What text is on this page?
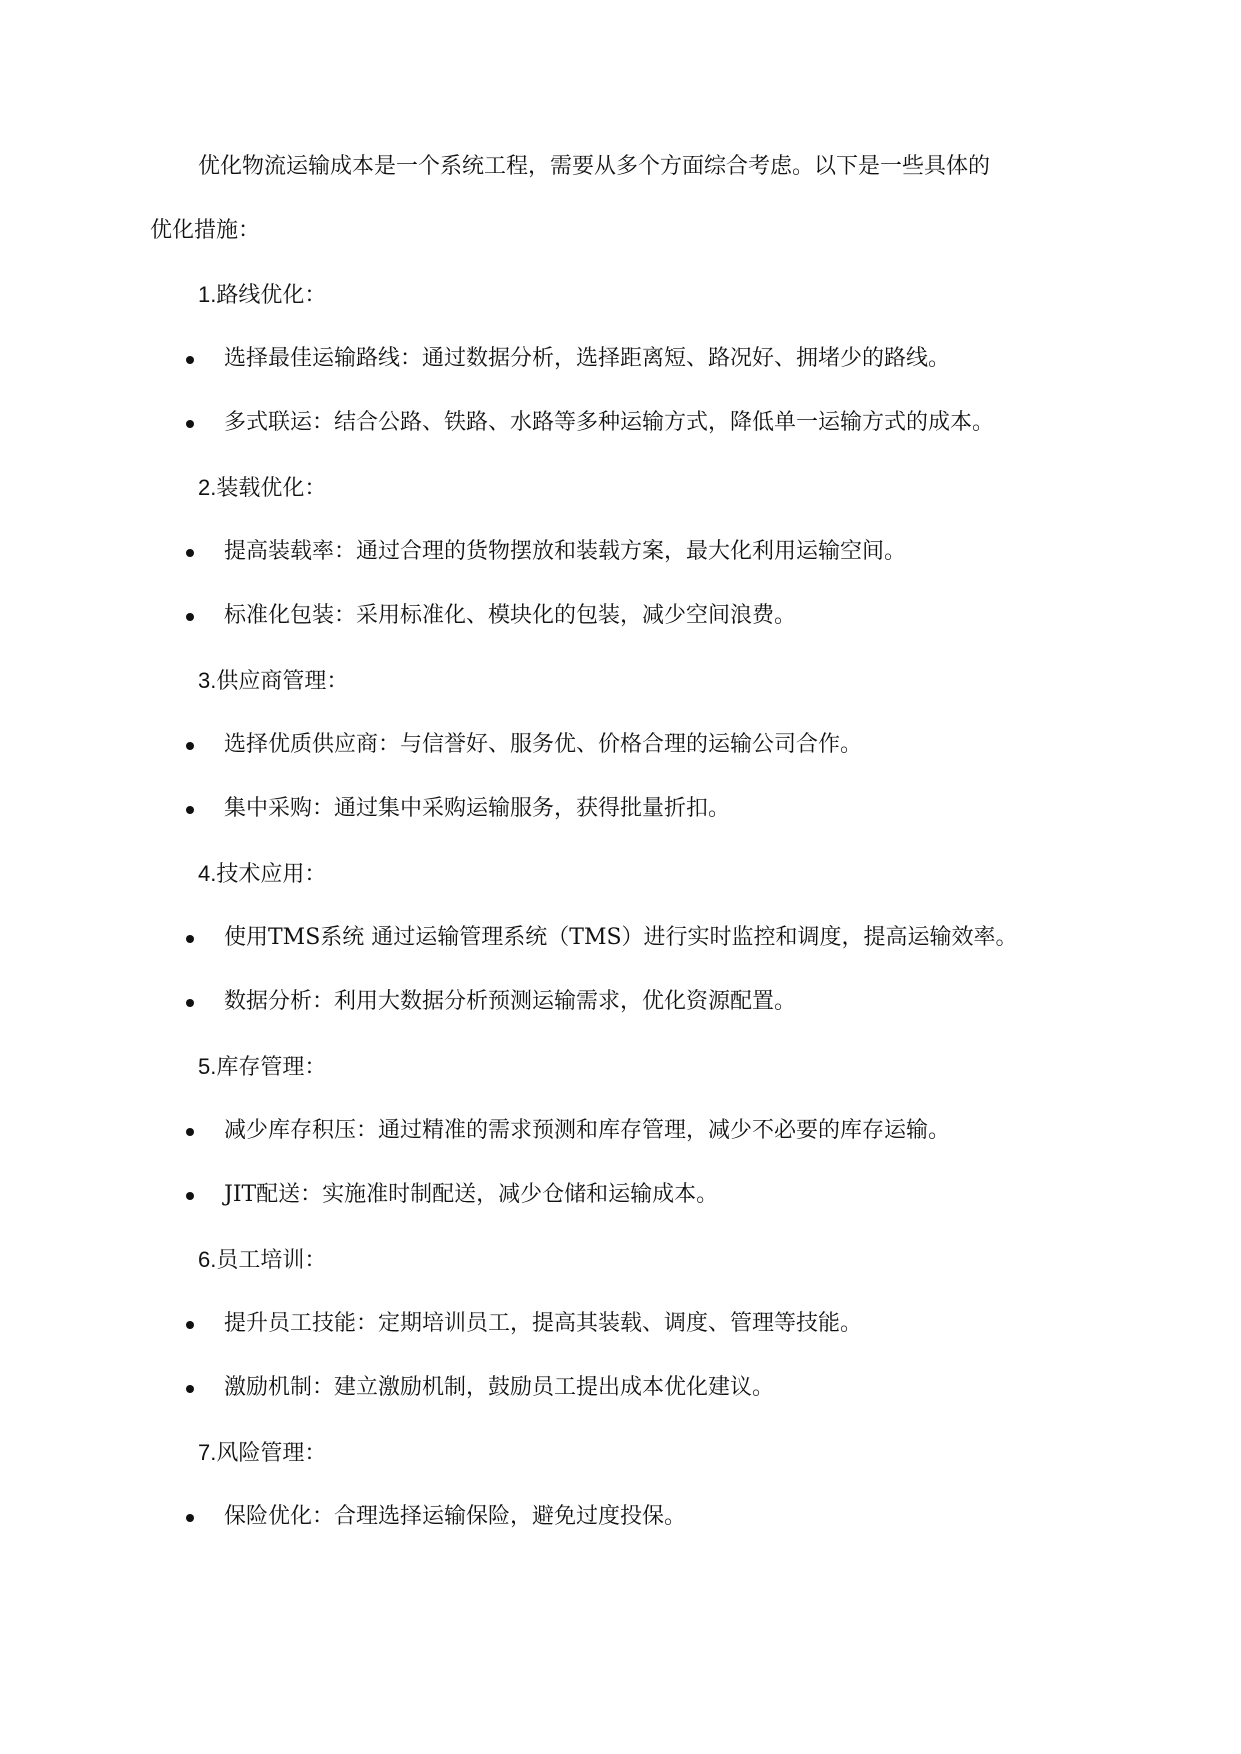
优化物流运输成本是一个系统工程，需要从多个方面综合考虑。以下是一些具体的
优化措施：
1.路线优化：
选择最佳运输路线：通过数据分析，选择距离短、路况好、拥堵少的路线。
多式联运：结合公路、铁路、水路等多种运输方式，降低单一运输方式的成本。
2.装载优化：
提高装载率：通过合理的货物摆放和装载方案，最大化利用运输空间。
标准化包装：采用标准化、模块化的包装，减少空间浪费。
3.供应商管理：
选择优质供应商：与信誉好、服务优、价格合理的运输公司合作。
集中采购：通过集中采购运输服务，获得批量折扣。
4.技术应用：
使用TMS系统 通过运输管理系统（TMS）进行实时监控和调度，提高运输效率。
数据分析：利用大数据分析预测运输需求，优化资源配置。
5.库存管理：
减少库存积压：通过精准的需求预测和库存管理，减少不必要的库存运输。
JIT配送：实施准时制配送，减少仓储和运输成本。
6.员工培训：
提升员工技能：定期培训员工，提高其装载、调度、管理等技能。
激励机制：建立激励机制，鼓励员工提出成本优化建议。
7.风险管理：
保险优化：合理选择运输保险，避免过度投保。
